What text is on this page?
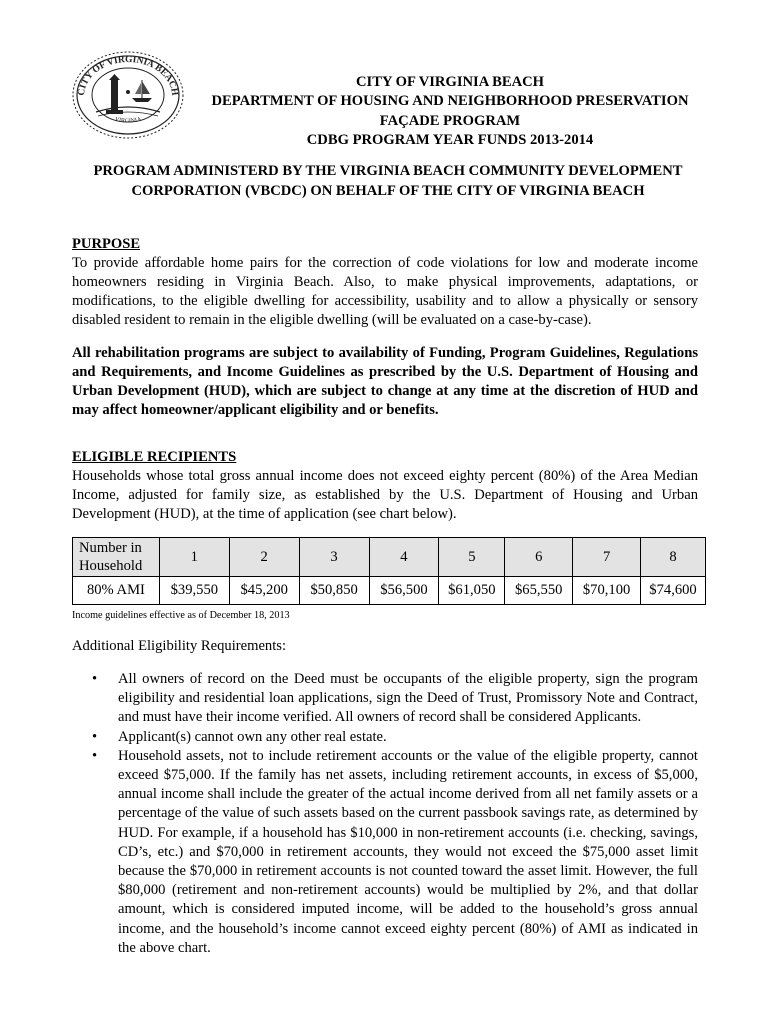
CITY OF VIRGINIA BEACH
VIRGINIA
CITY OF VIRGINIA BEACH
DEPARTMENT OF HOUSING AND NEIGHBORHOOD PRESERVATION
FAÇADE PROGRAM
CDBG PROGRAM YEAR FUNDS 2013-2014
PROGRAM ADMINISTERD BY THE VIRGINIA BEACH COMMUNITY DEVELOPMENT
CORPORATION (VBCDC) ON BEHALF OF THE CITY OF VIRGINIA BEACH
PURPOSE
To provide affordable home pairs for the correction of code violations for low and moderate income homeowners residing in Virginia Beach. Also, to make physical improvements, adaptations, or modifications, to the eligible dwelling for accessibility, usability and to allow a physically or sensory disabled resident to remain in the eligible dwelling (will be evaluated on a case-by-case).
All rehabilitation programs are subject to availability of Funding, Program Guidelines, Regulations and Requirements, and Income Guidelines as prescribed by the U.S. Department of Housing and Urban Development (HUD), which are subject to change at any time at the discretion of HUD and may affect homeowner/applicant eligibility and or benefits.
ELIGIBLE RECIPIENTS
Households whose total gross annual income does not exceed eighty percent (80%) of the Area Median Income, adjusted for family size, as established by the U.S. Department of Housing and Urban Development (HUD), at the time of application (see chart below).
Number in
Household	1	2	3	4	5	6	7	8
80% AMI	$39,550	$45,200	$50,850	$56,500	$61,050	$65,550	$70,100	$74,600
Income guidelines effective as of December 18, 2013
Additional Eligibility Requirements:
• All owners of record on the Deed must be occupants of the eligible property, sign the program eligibility and residential loan applications, sign the Deed of Trust, Promissory Note and Contract, and must have their income verified. All owners of record shall be considered Applicants.
• Applicant(s) cannot own any other real estate.
• Household assets, not to include retirement accounts or the value of the eligible property, cannot exceed $75,000. If the family has net assets, including retirement accounts, in excess of $5,000, annual income shall include the greater of the actual income derived from all net family assets or a percentage of the value of such assets based on the current passbook savings rate, as determined by HUD. For example, if a household has $10,000 in non-retirement accounts (i.e. checking, savings, CD’s, etc.) and $70,000 in retirement accounts, they would not exceed the $75,000 asset limit because the $70,000 in retirement accounts is not counted toward the asset limit. However, the full $80,000 (retirement and non-retirement accounts) would be multiplied by 2%, and that dollar amount, which is considered imputed income, will be added to the household’s gross annual income, and the household’s income cannot exceed eighty percent (80%) of AMI as indicated in the above chart.
